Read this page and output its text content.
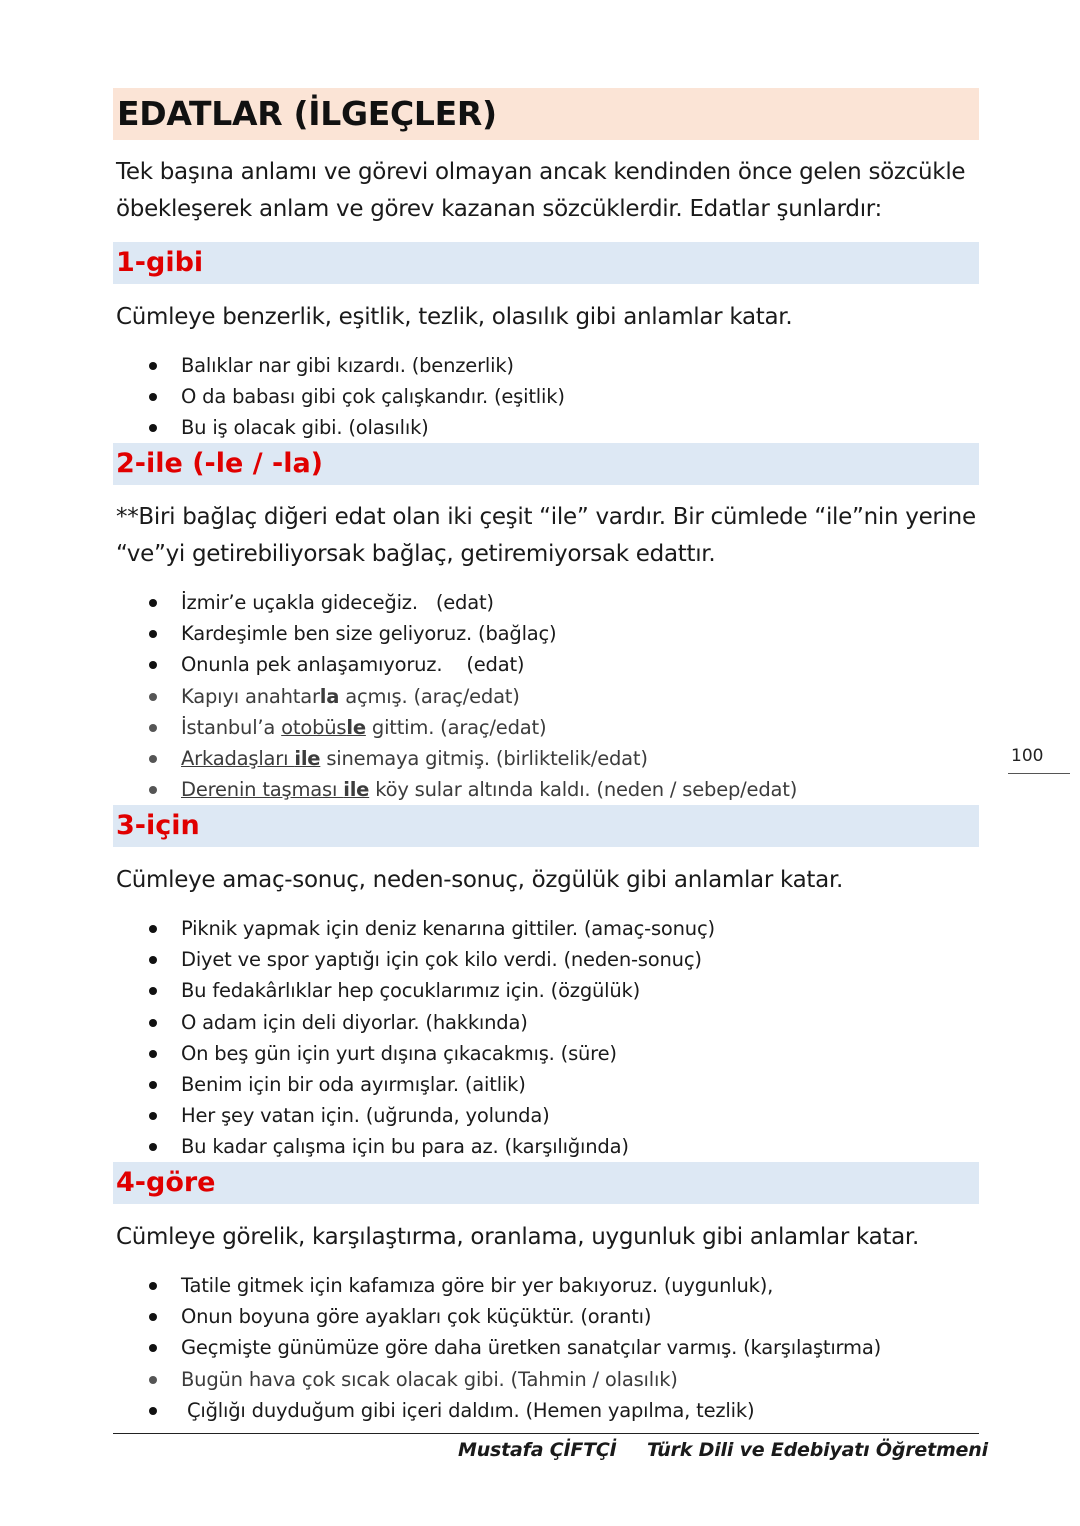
EDATLAR (İLGEÇLER)

Tek başına anlamı ve görevi olmayan ancak kendinden önce gelen sözcükle öbekleşerek anlam ve görev kazanan sözcüklerdir. Edatlar şunlardır:

1-gibi

Cümleye benzerlik, eşitlik, tezlik, olasılık gibi anlamlar katar.

Balıklar nar gibi kızardı. (benzerlik)
O da babası gibi çok çalışkandır. (eşitlik)
Bu iş olacak gibi. (olasılık)
2-ile (-le / -la)

**Biri bağlaç diğeri edat olan iki çeşit “ile” vardır. Bir cümlede “ile”nin yerine “ve”yi getirebiliyorsak bağlaç, getiremiyorsak edattır.

İzmir’e uçakla gideceğiz.   (edat)
Kardeşimle ben size geliyoruz. (bağlaç)
Onunla pek anlaşamıyoruz.    (edat)
Kapıyı anahtarla açmış. (araç/edat)
İstanbul’a otobüsle gittim. (araç/edat)
Arkadaşları ile sinemaya gitmiş. (birliktelik/edat)
Derenin taşması ile köy sular altında kaldı. (neden / sebep/edat)
100
3-için

Cümleye amaç-sonuç, neden-sonuç, özgülük gibi anlamlar katar.

Piknik yapmak için deniz kenarına gittiler. (amaç-sonuç)
Diyet ve spor yaptığı için çok kilo verdi. (neden-sonuç)
Bu fedakârlıklar hep çocuklarımız için. (özgülük)
O adam için deli diyorlar. (hakkında)
On beş gün için yurt dışına çıkacakmış. (süre)
Benim için bir oda ayırmışlar. (aitlik)
Her şey vatan için. (uğrunda, yolunda)
Bu kadar çalışma için bu para az. (karşılığında)
4-göre

Cümleye görelik, karşılaştırma, oranlama, uygunluk gibi anlamlar katar.

Tatile gitmek için kafamıza göre bir yer bakıyoruz. (uygunluk),
Onun boyuna göre ayakları çok küçüktür. (orantı)
Geçmişte günümüze göre daha üretken sanatçılar varmış. (karşılaştırma)
Bugün hava çok sıcak olacak gibi. (Tahmin / olasılık)
Çığlığı duyduğum gibi içeri daldım. (Hemen yapılma, tezlik)
Mustafa ÇİFTÇİ Türk Dili ve Edebiyatı Öğretmeni
